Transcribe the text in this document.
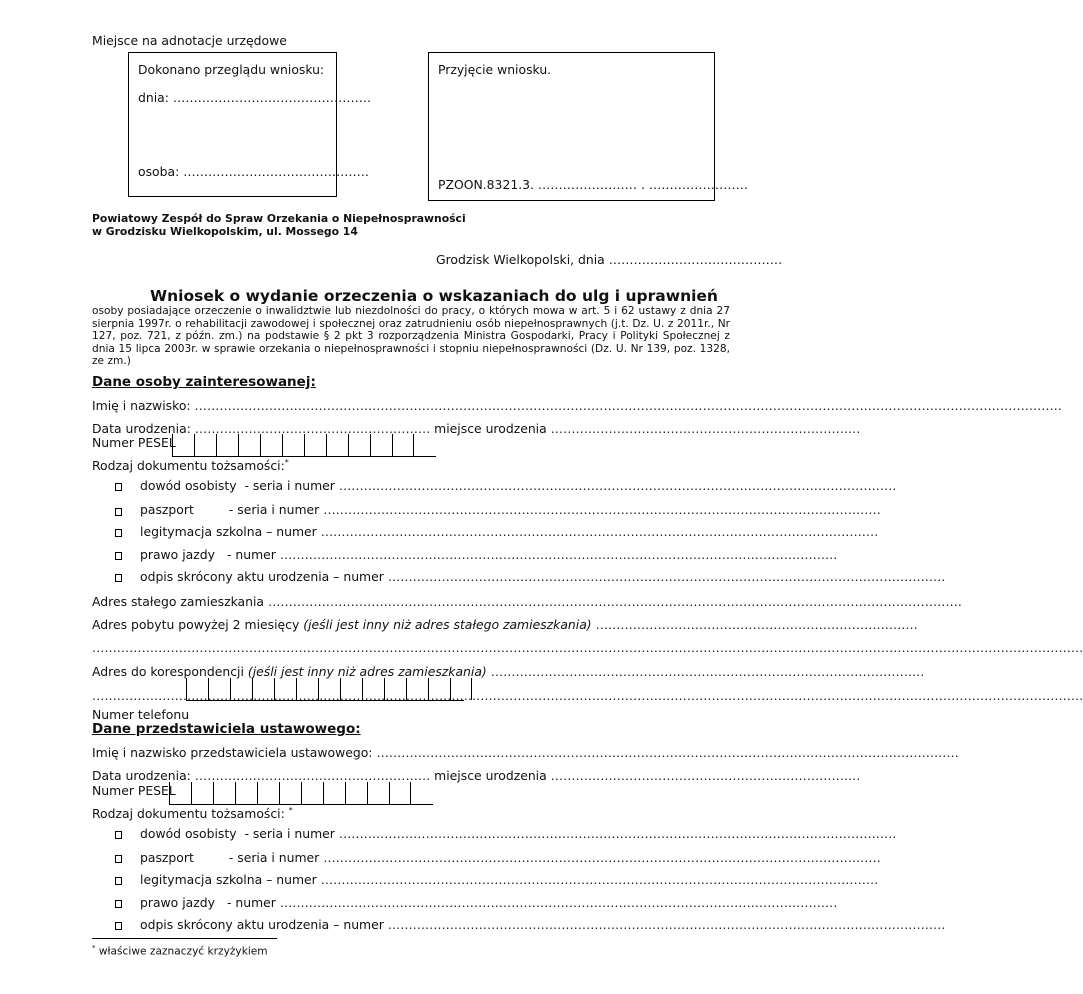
Miejsce na adnotacje urzędowe
Dokonano przeglądu wniosku:
dnia: …………………………………………
osoba: ………………………………………
Przyjęcie wniosku.
PZOON.8321.3. …………………… . ……………………
Powiatowy Zespół do Spraw Orzekania o Niepełnosprawności
w Grodzisku Wielkopolskim, ul. Mossego 14
Grodzisk Wielkopolski, dnia ……………………………………
Wniosek o wydanie orzeczenia o wskazaniach do ulg i uprawnień
osoby posiadające orzeczenie o inwalidztwie lub niezdolności do pracy, o których mowa w art. 5 i 62 ustawy z dnia 27 sierpnia 1997r. o rehabilitacji zawodowej i społecznej oraz zatrudnieniu osób niepełnosprawnych (j.t. Dz. U. z 2011r., Nr 127, poz. 721, z późn. zm.) na podstawie § 2 pkt 3 rozporządzenia Ministra Gospodarki, Pracy i Polityki Społecznej z dnia 15 lipca 2003r. w sprawie orzekania o niepełnosprawności i stopniu niepełnosprawności (Dz. U. Nr 139, poz. 1328, ze zm.)
Dane osoby zainteresowanej:
Imię i nazwisko: …………………………………………………………………………………………………………………………………………………………………………………………
Data urodzenia: ………………………………………………… miejsce urodzenia …………………………………………………………………
Numer PESEL
Rodzaj dokumentu tożsamości:*
dowód osobisty - seria i numer ………………………………………………………………………………………………………………………
paszport	- seria i numer ………………………………………………………………………………………………………………………
legitymacja szkolna – numer ………………………………………………………………………………………………………………………
prawo jazdy - numer ………………………………………………………………………………………………………………………
odpis skrócony aktu urodzenia – numer ………………………………………………………………………………………………………………………
Adres stałego zamieszkania ……………………………………………………………………………………………………………………………………………………
Adres pobytu powyżej 2 miesięcy (jeśli jest inny niż adres stałego zamieszkania) ……………………………………………………………………
……………………………………………………………………………………………………………………………………………………………………………………………………………………
Adres do korespondencji (jeśli jest inny niż adres zamieszkania) ……………………………………………………………………………………………
……………………………………………………………………………………………………………………………………………………………………………………………………………………
Numer telefonu
Dane przedstawiciela ustawowego:
Imię i nazwisko przedstawiciela ustawowego: ……………………………………………………………………………………………………………………………
Data urodzenia: ………………………………………………… miejsce urodzenia …………………………………………………………………
Numer PESEL
Rodzaj dokumentu tożsamości: *
dowód osobisty - seria i numer ………………………………………………………………………………………………………………………
paszport	- seria i numer ………………………………………………………………………………………………………………………
legitymacja szkolna – numer ………………………………………………………………………………………………………………………
prawo jazdy - numer ………………………………………………………………………………………………………………………
odpis skrócony aktu urodzenia – numer ………………………………………………………………………………………………………………………
* właściwe zaznaczyć krzyżykiem
